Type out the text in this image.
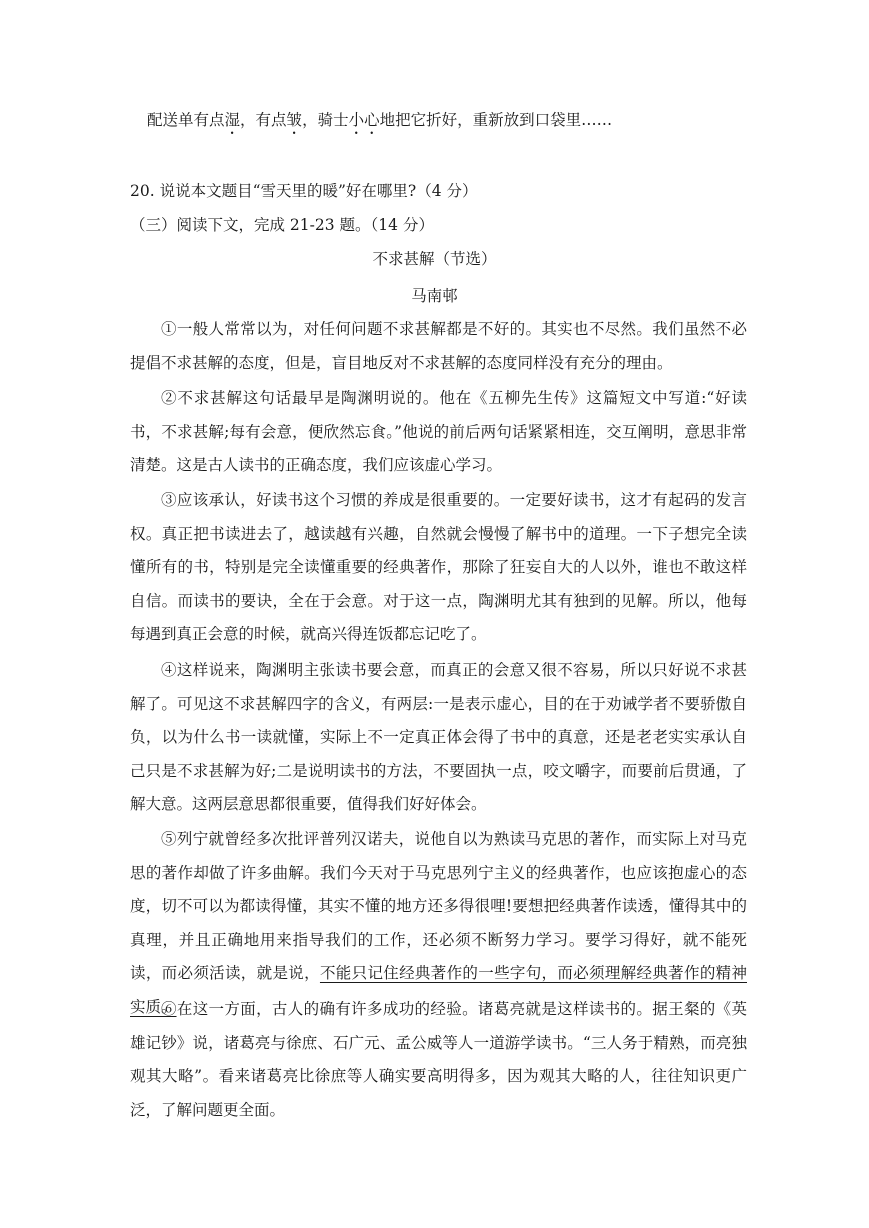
配送单有点湿，有点皱，骑士小心地把它折好，重新放到口袋里……
20. 说说本文题目“雪天里的暖”好在哪里?（4 分）
（三）阅读下文，完成 21-23 题。（14 分）
不求甚解（节选）
马南邨
①一般人常常以为，对任何问题不求甚解都是不好的。其实也不尽然。我们虽然不必提倡不求甚解的态度，但是，盲目地反对不求甚解的态度同样没有充分的理由。
②不求甚解这句话最早是陶渊明说的。他在《五柳先生传》这篇短文中写道:“好读书，不求甚解;每有会意，便欣然忘食。”他说的前后两句话紧紧相连，交互阐明，意思非常清楚。这是古人读书的正确态度，我们应该虚心学习。
③应该承认，好读书这个习惯的养成是很重要的。一定要好读书，这才有起码的发言权。真正把书读进去了，越读越有兴趣，自然就会慢慢了解书中的道理。一下子想完全读懂所有的书，特别是完全读懂重要的经典著作，那除了狂妄自大的人以外，谁也不敢这样自信。而读书的要诀，全在于会意。对于这一点，陶渊明尤其有独到的见解。所以，他每每遇到真正会意的时候，就高兴得连饭都忘记吃了。
④这样说来，陶渊明主张读书要会意，而真正的会意又很不容易，所以只好说不求甚解了。可见这不求甚解四字的含义，有两层:一是表示虚心，目的在于劝诫学者不要骄傲自负，以为什么书一读就懂，实际上不一定真正体会得了书中的真意，还是老老实实承认自己只是不求甚解为好;二是说明读书的方法，不要固执一点，咬文嚼字，而要前后贯通，了解大意。这两层意思都很重要，值得我们好好体会。
⑤列宁就曾经多次批评普列汉诺夫，说他自以为熟读马克思的著作，而实际上对马克思的著作却做了许多曲解。我们今天对于马克思列宁主义的经典著作，也应该抱虚心的态度，切不可以为都读得懂，其实不懂的地方还多得很哩!要想把经典著作读透，懂得其中的真理，并且正确地用来指导我们的工作，还必须不断努力学习。要学习得好，就不能死读，而必须活读，就是说，不能只记住经典著作的一些字句，而必须理解经典著作的精神实质。
⑥在这一方面，古人的确有许多成功的经验。诸葛亮就是这样读书的。据王粲的《英雄记钞》说，诸葛亮与徐庶、石广元、孟公威等人一道游学读书。“三人务于精熟，而亮独观其大略”。看来诸葛亮比徐庶等人确实要高明得多，因为观其大略的人，往往知识更广泛，了解问题更全面。
